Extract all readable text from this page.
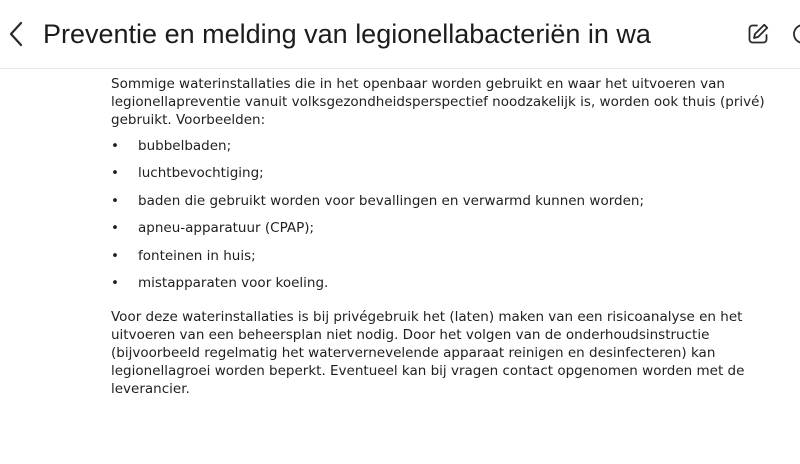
Preventie en melding van legionellabacteriën in wa

Sommige waterinstallaties die in het openbaar worden gebruikt en waar het uitvoeren van legionellapreventie vanuit volksgezondheidsperspectief noodzakelijk is, worden ook thuis (privé) gebruikt. Voorbeelden:

• bubbelbaden;
• luchtbevochtiging;
• baden die gebruikt worden voor bevallingen en verwarmd kunnen worden;
• apneu-apparatuur (CPAP);
• fonteinen in huis;
• mistapparaten voor koeling.

Voor deze waterinstallaties is bij privégebruik het (laten) maken van een risicoanalyse en het uitvoeren van een beheersplan niet nodig. Door het volgen van de onderhoudsinstructie (bijvoorbeeld regelmatig het watervernevelende apparaat reinigen en desinfecteren) kan legionellagroei worden beperkt. Eventueel kan bij vragen contact opgenomen worden met de leverancier.
